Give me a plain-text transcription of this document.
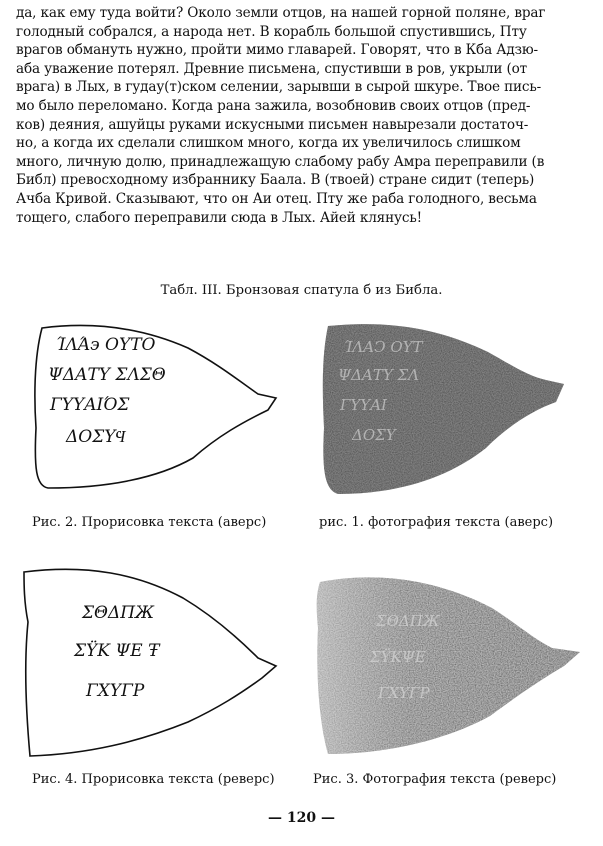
да, как ему туда войти? Около земли отцов, на нашей горной поляне, враг
голодный собрался, а народа нет. В корабль большой спустившись, Пту
врагов обмануть нужно, пройти мимо главарей. Говорят, что в Кба Адзю-
аба уважение потерял. Древние письмена, спустивши в ров, укрыли (от
врага) в Лых, в гудау(т)ском селении, зарывши в сырой шкуре. Твое пись-
мо было переломано. Когда рана зажила, возобновив своих отцов (пред-
ков) деяния, ашуйцы руками искусными письмен навырезали достаточ-
но, а когда их сделали слишком много, когда их увеличилось слишком
много, личную долю, принадлежащую слабому рабу Амра переправили (в
Библ) превосходному избраннику Баала. В (твоей) стране сидит (теперь)
Ачба Кривой. Сказывают, что он Аи отец. Пту же раба голодного, весьма
тощего, слабого переправили сюда в Лых. Айей клянусь!
Табл. III. Бронзовая спатула б из Библа.
ΊΛΆ϶ ΟΥΤΟ
ΨΔΑΤΥ ΣΛΣΘ
ΓΥΥΑΙΌΣ
ΔΟΣΥϤ
ΊΛΑϽ ΟΥΤ
ΨΔΑΤΥ ΣΛ
ΓΥΥΑΙ
ΔΟΣΥ
Рис. 2. Прорисовка текста (аверс)	рис. 1. фотография текста (аверс)
ΣΘΔΠЖ
ΣΫΚ ΨΕ Ŧ
ΓΧΥΓΡ
ΣΘΔΠЖ
ΣΫΚΨΕ
ΓΧΥΓΡ
Рис. 4. Прорисовка текста (реверс)	Рис. 3. Фотография текста (реверс)
— 120 —
